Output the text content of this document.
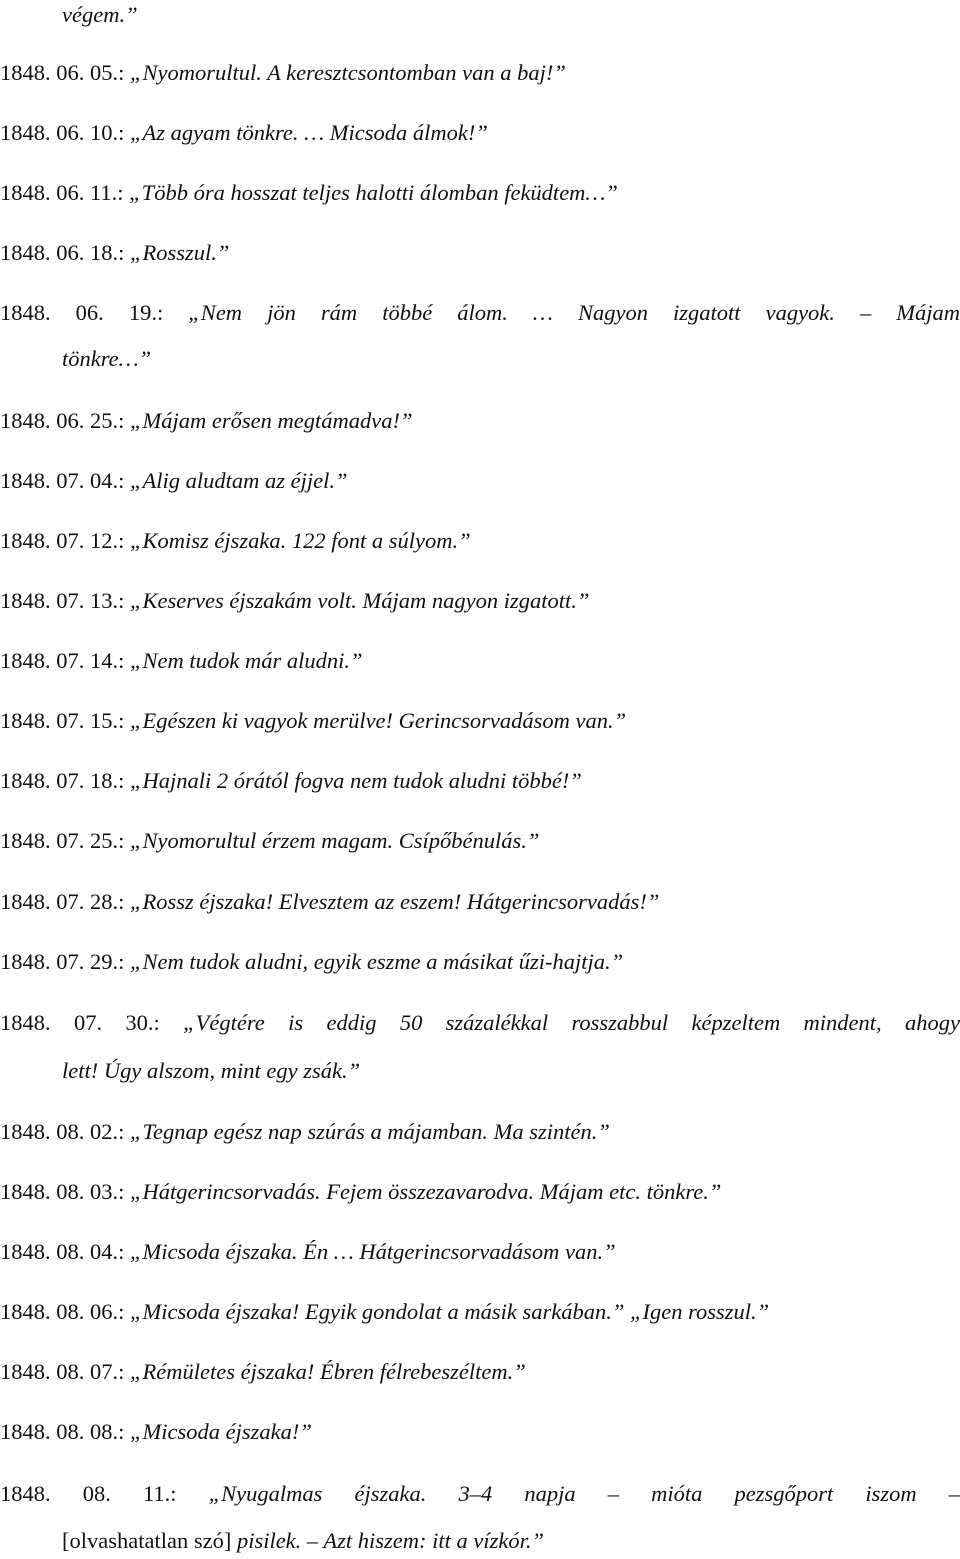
végem.”

1848. 06. 05.: „Nyomorultul. A keresztcsontomban van a baj!”

1848. 06. 10.: „Az agyam tönkre. … Micsoda álmok!”

1848. 06. 11.: „Több óra hosszat teljes halotti álomban feküdtem…”

1848. 06. 18.: „Rosszul.”

1848. 06. 19.: „Nem jön rám többé álom. … Nagyon izgatott vagyok. – Májam

tönkre…”

1848. 06. 25.: „Májam erősen megtámadva!”

1848. 07. 04.: „Alig aludtam az éjjel.”

1848. 07. 12.: „Komisz éjszaka. 122 font a súlyom.”

1848. 07. 13.: „Keserves éjszakám volt. Májam nagyon izgatott.”

1848. 07. 14.: „Nem tudok már aludni.”

1848. 07. 15.: „Egészen ki vagyok merülve! Gerincsorvadásom van.”

1848. 07. 18.: „Hajnali 2 órától fogva nem tudok aludni többé!”

1848. 07. 25.: „Nyomorultul érzem magam. Csípőbénulás.”

1848. 07. 28.: „Rossz éjszaka! Elvesztem az eszem! Hátgerincsorvadás!”

1848. 07. 29.: „Nem tudok aludni, egyik eszme a másikat űzi-hajtja.”

1848. 07. 30.: „Végtére is eddig 50 százalékkal rosszabbul képzeltem mindent, ahogy

lett! Úgy alszom, mint egy zsák.”

1848. 08. 02.: „Tegnap egész nap szúrás a májamban. Ma szintén.”

1848. 08. 03.: „Hátgerincsorvadás. Fejem összezavarodva. Májam etc. tönkre.”

1848. 08. 04.: „Micsoda éjszaka. Én … Hátgerincsorvadásom van.”

1848. 08. 06.: „Micsoda éjszaka! Egyik gondolat a másik sarkában.” „Igen rosszul.”

1848. 08. 07.: „Rémületes éjszaka! Ébren félrebeszéltem.”

1848. 08. 08.: „Micsoda éjszaka!”

1848. 08. 11.: „Nyugalmas éjszaka. 3–4 napja – mióta pezsgőport iszom –

[olvashatatlan szó] pisilek. – Azt hiszem: itt a vízkór.”
